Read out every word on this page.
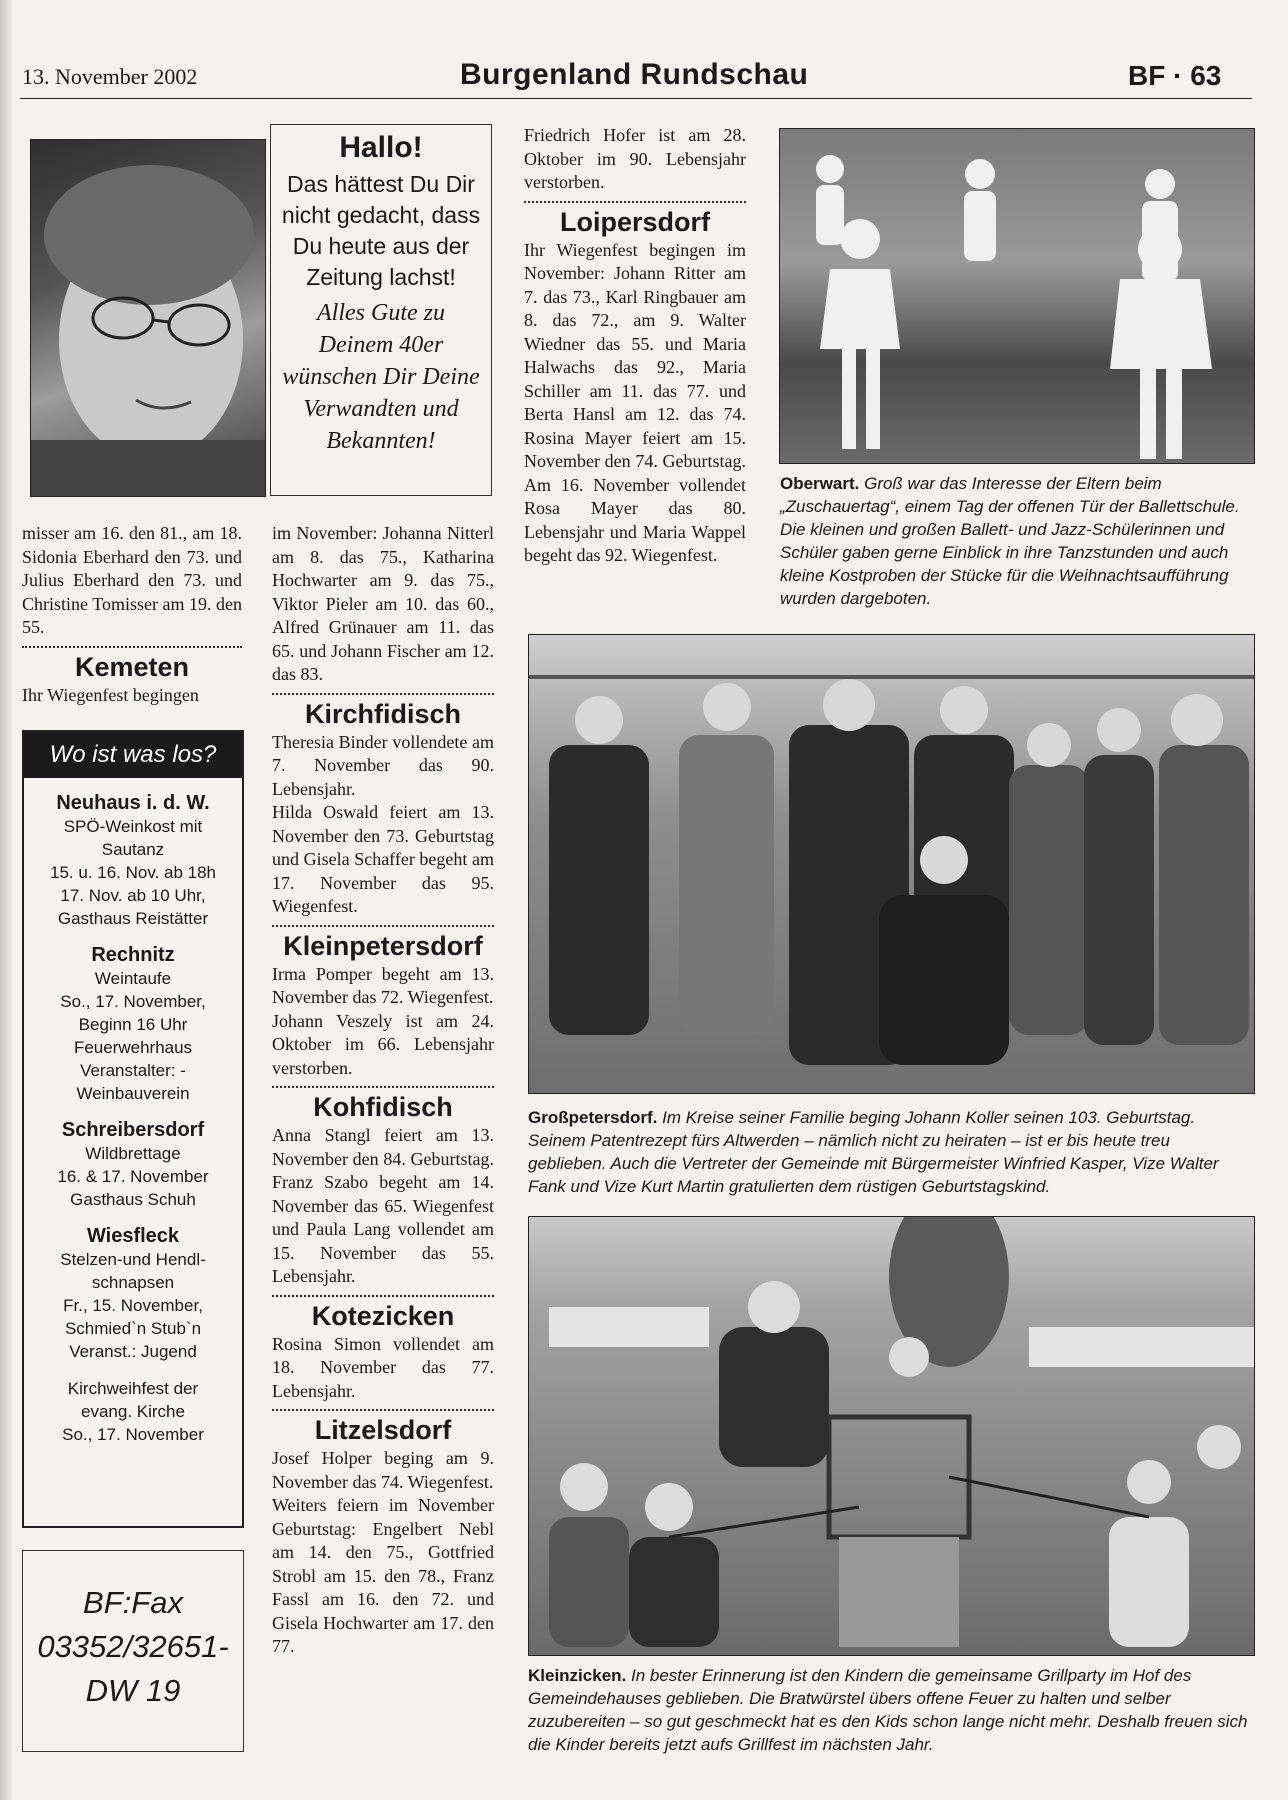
13. November 2002	Burgenland Rundschau	BF · 63
Hallo!
Das hättest Du Dir nicht gedacht, dass Du heute aus der Zeitung lachst!
Alles Gute zu Deinem 40er wünschen Dir Deine Verwandten und Bekannten!

misser am 16. den 81., am 18. Sidonia Eberhard den 73. und Julius Eberhard den 73. und Christine Tomisser am 19. den 55.

Kemeten

Ihr Wiegenfest begingen

Wo ist was los?
Neuhaus i. d. W.
SPÖ-Weinkost mit
Sautanz
15. u. 16. Nov. ab 18h
17. Nov. ab 10 Uhr,
Gasthaus Reistätter
Rechnitz
Weintaufe
So., 17. November,
Beginn 16 Uhr
Feuerwehrhaus
Veranstalter: -
Weinbauverein
Schreibersdorf
Wildbrettage
16. & 17. November
Gasthaus Schuh
Wiesfleck
Stelzen-und Hendl-
schnapsen
Fr., 15. November,
Schmied`n Stub`n
Veranst.: Jugend
Kirchweihfest der
evang. Kirche
So., 17. November
BF:Fax
03352/32651-
DW 19

im November: Johanna Nitterl am 8. das 75., Katharina Hochwarter am 9. das 75., Viktor Pieler am 10. das 60., Alfred Grünauer am 11. das 65. und Johann Fischer am 12. das 83.

Kirchfidisch

Theresia Binder vollendete am 7. November das 90. Lebensjahr.

Hilda Oswald feiert am 13. November den 73. Geburtstag und Gisela Schaffer begeht am 17. November das 95. Wiegenfest.

Kleinpetersdorf

Irma Pomper begeht am 13. November das 72. Wiegenfest.

Johann Veszely ist am 24. Oktober im 66. Lebensjahr verstorben.

Kohfidisch

Anna Stangl feiert am 13. November den 84. Geburtstag. Franz Szabo begeht am 14. November das 65. Wiegenfest und Paula Lang vollendet am 15. November das 55. Lebensjahr.

Kotezicken

Rosina Simon vollendet am 18. November das 77. Lebensjahr.

Litzelsdorf

Josef Holper beging am 9. November das 74. Wiegenfest.

Weiters feiern im November Geburtstag: Engelbert Nebl am 14. den 75., Gottfried Strobl am 15. den 78., Franz Fassl am 16. den 72. und Gisela Hochwarter am 17. den 77.

Friedrich Hofer ist am 28. Oktober im 90. Lebensjahr verstorben.

Loipersdorf

Ihr Wiegenfest begingen im November: Johann Ritter am 7. das 73., Karl Ringbauer am 8. das 72., am 9. Walter Wiedner das 55. und Maria Halwachs das 92., Maria Schiller am 11. das 77. und Berta Hansl am 12. das 74. Rosina Mayer feiert am 15. November den 74. Geburtstag. Am 16. November vollendet Rosa Mayer das 80. Lebensjahr und Maria Wappel begeht das 92. Wiegenfest.

Oberwart. Groß war das Interesse der Eltern beim „Zuschauertag“, einem Tag der offenen Tür der Ballettschule. Die kleinen und großen Ballett- und Jazz-Schülerinnen und Schüler gaben gerne Einblick in ihre Tanzstunden und auch kleine Kostproben der Stücke für die Weihnachtsaufführung wurden dargeboten.
Großpetersdorf. Im Kreise seiner Familie beging Johann Koller seinen 103. Geburtstag. Seinem Patentrezept fürs Altwerden – nämlich nicht zu heiraten – ist er bis heute treu geblieben. Auch die Vertreter der Gemeinde mit Bürgermeister Winfried Kasper, Vize Walter Fank und Vize Kurt Martin gratulierten dem rüstigen Geburtstagskind.
Kleinzicken. In bester Erinnerung ist den Kindern die gemeinsame Grillparty im Hof des Gemeindehauses geblieben. Die Bratwürstel übers offene Feuer zu halten und selber zuzubereiten – so gut geschmeckt hat es den Kids schon lange nicht mehr. Deshalb freuen sich die Kinder bereits jetzt aufs Grillfest im nächsten Jahr.
